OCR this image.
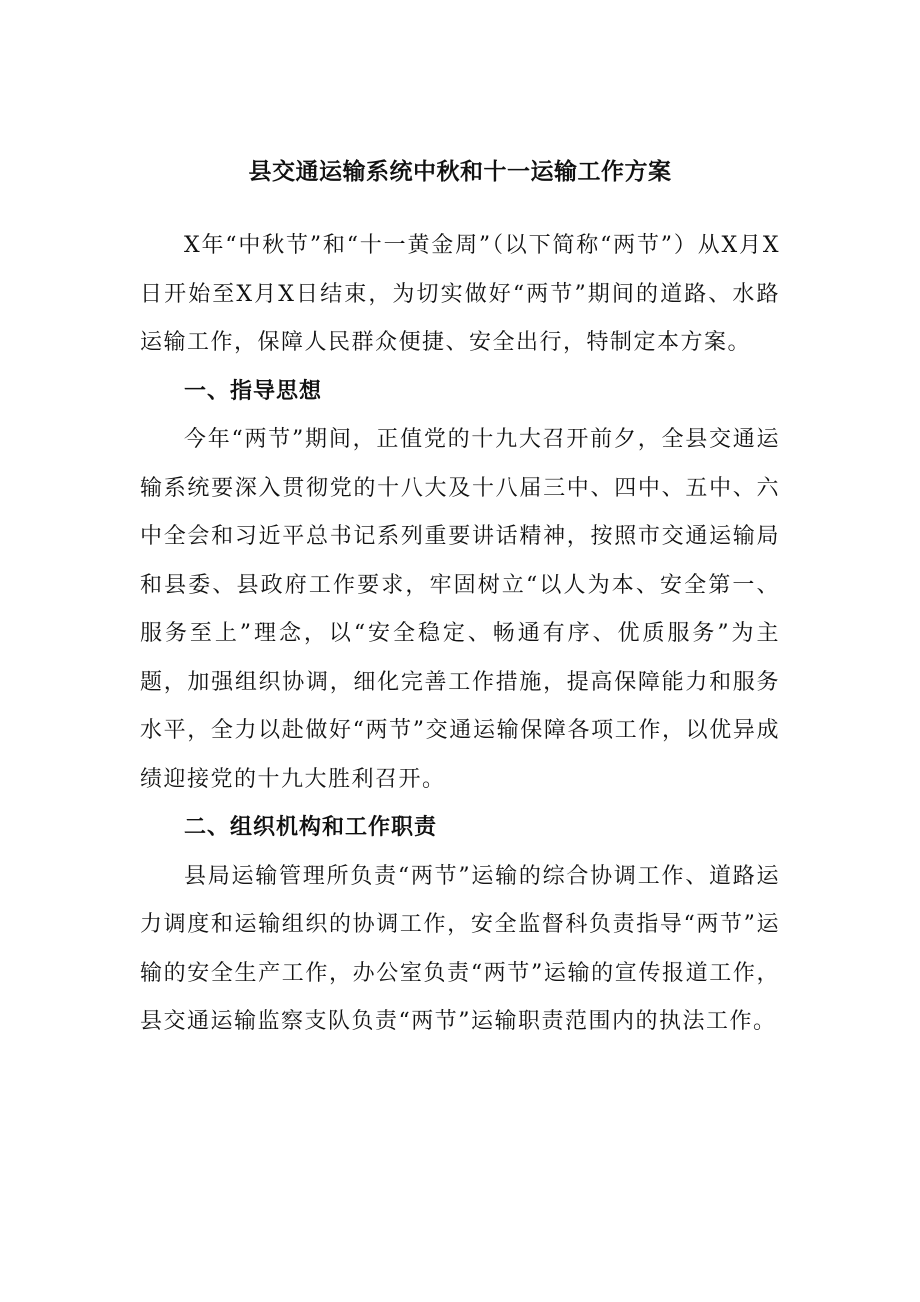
县交通运输系统中秋和十一运输工作方案

X年“中秋节”和“十一黄金周”（以下简称“两节”）从X月X日开始至X月X日结束，为切实做好“两节”期间的道路、水路运输工作，保障人民群众便捷、安全出行，特制定本方案。

一、指导思想

今年“两节”期间，正值党的十九大召开前夕，全县交通运输系统要深入贯彻党的十八大及十八届三中、四中、五中、六中全会和习近平总书记系列重要讲话精神，按照市交通运输局和县委、县政府工作要求，牢固树立“以人为本、安全第一、服务至上”理念，以“安全稳定、畅通有序、优质服务”为主题，加强组织协调，细化完善工作措施，提高保障能力和服务水平，全力以赴做好“两节”交通运输保障各项工作，以优异成绩迎接党的十九大胜利召开。

二、组织机构和工作职责

县局运输管理所负责“两节”运输的综合协调工作、道路运力调度和运输组织的协调工作，安全监督科负责指导“两节”运输的安全生产工作，办公室负责“两节”运输的宣传报道工作，县交通运输监察支队负责“两节”运输职责范围内的执法工作。
